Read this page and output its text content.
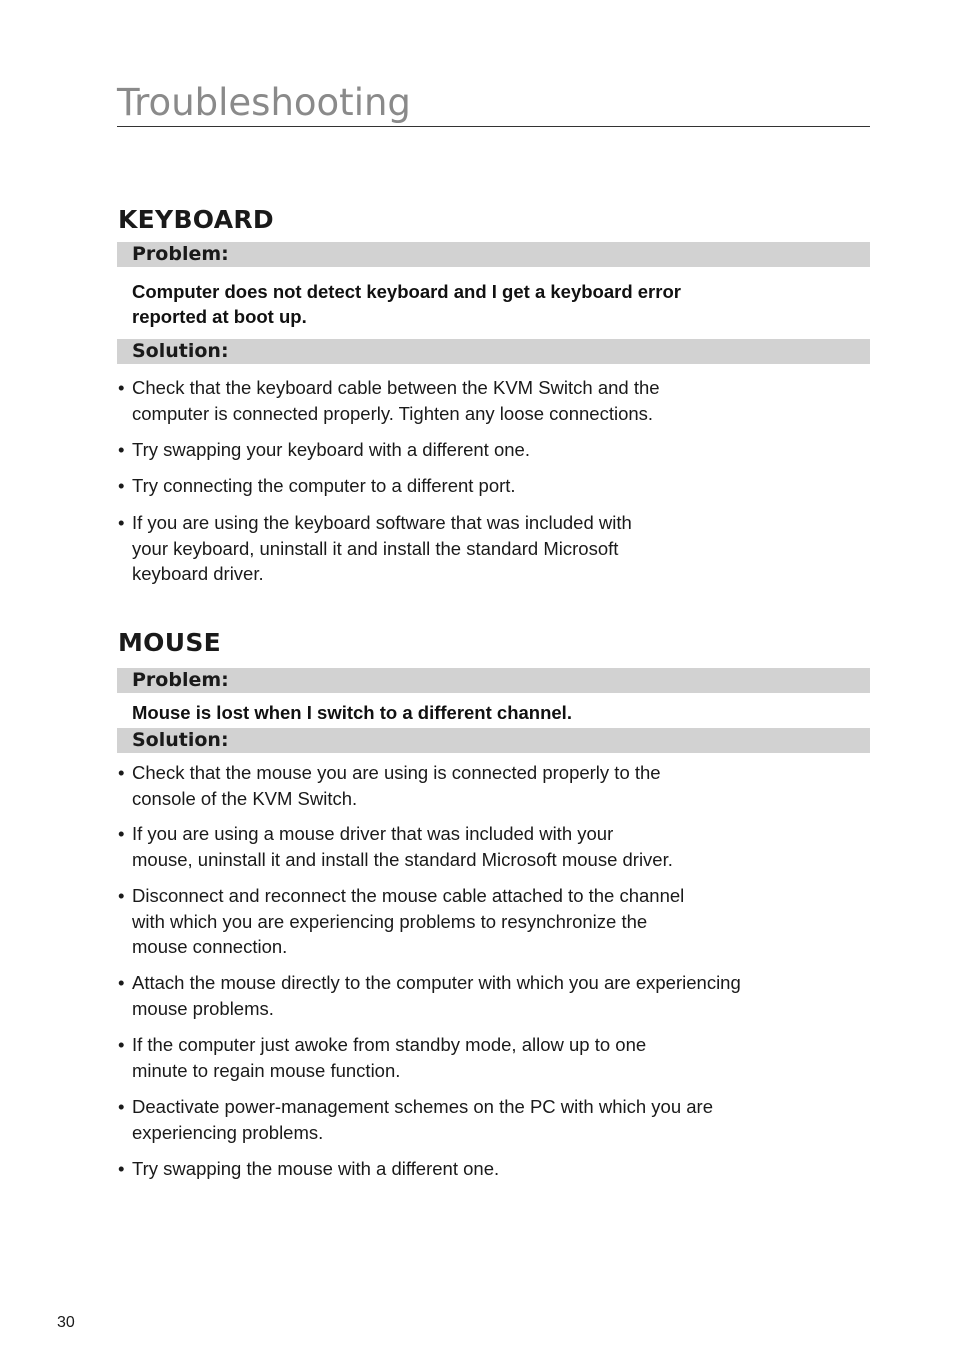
Troubleshooting
KEYBOARD
Problem:

Computer does not detect keyboard and I get a keyboard error
reported at boot up.

Solution:
• Check that the keyboard cable between the KVM Switch and the
computer is connected properly. Tighten any loose connections.
• Try swapping your keyboard with a different one.
• Try connecting the computer to a different port.
• If you are using the keyboard software that was included with
your keyboard, uninstall it and install the standard Microsoft
keyboard driver.
MOUSE
Problem:

Mouse is lost when I switch to a different channel.

Solution:
• Check that the mouse you are using is connected properly to the
console of the KVM Switch.
• If you are using a mouse driver that was included with your
mouse, uninstall it and install the standard Microsoft mouse driver.
• Disconnect and reconnect the mouse cable attached to the channel
with which you are experiencing problems to resynchronize the
mouse connection.
• Attach the mouse directly to the computer with which you are experiencing
mouse problems.
• If the computer just awoke from standby mode, allow up to one
minute to regain mouse function.
• Deactivate power-management schemes on the PC with which you are
experiencing problems.
• Try swapping the mouse with a different one.
30
